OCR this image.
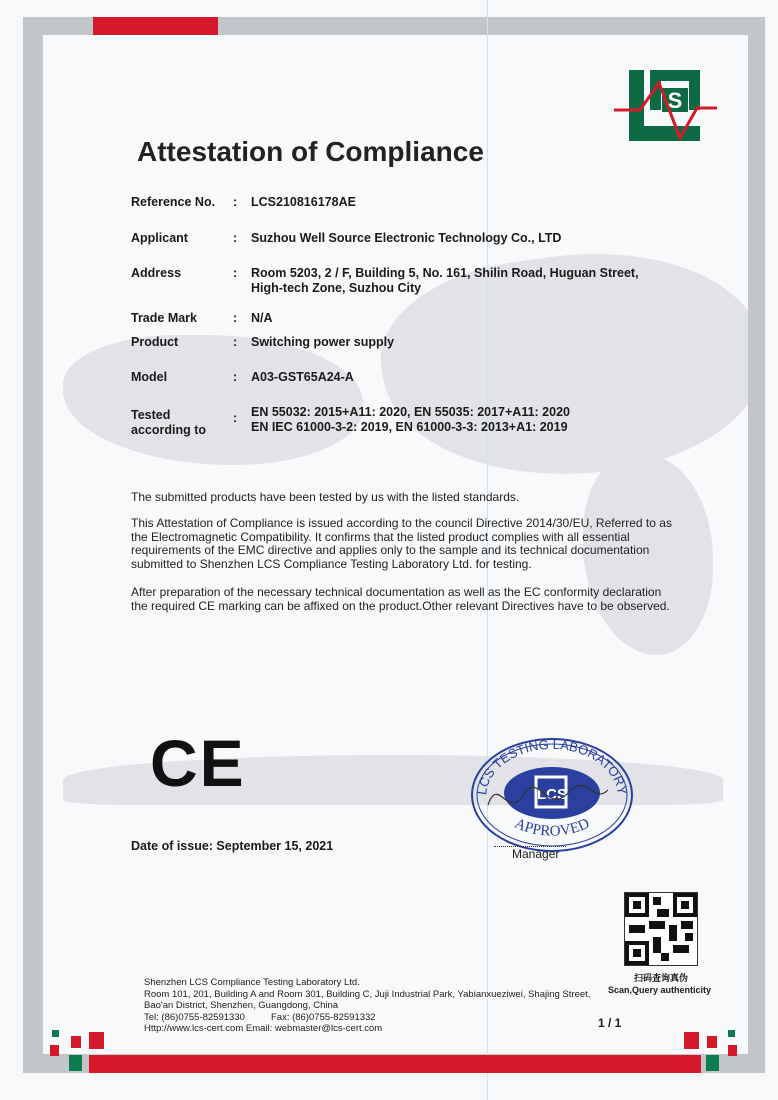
S
Attestation of Compliance
Reference No.	:	LCS210816178AE
Applicant	:	Suzhou Well Source Electronic Technology Co., LTD
Address	:	Room 5203, 2 / F, Building 5, No. 161, Shilin Road, Huguan Street,
High-tech Zone, Suzhou City
Trade Mark	:	N/A
Product	:	Switching power supply
Model	:	A03-GST65A24-A
Tested
according to
:	EN 55032: 2015+A11: 2020, EN 55035: 2017+A11: 2020
EN IEC 61000-3-2: 2019, EN 61000-3-3: 2013+A1: 2019

The submitted products have been tested by us with the listed standards.

This Attestation of Compliance is issued according to the council Directive 2014/30/EU, Referred to as the Electromagnetic Compatibility. It confirms that the listed product complies with all essential requirements of the EMC directive and applies only to the sample and its technical documentation submitted to Shenzhen LCS Compliance Testing Laboratory Ltd. for testing.

After preparation of the necessary technical documentation as well as the EC conformity declaration the required CE marking can be affixed on the product.Other relevant Directives have to be observed.

CE
Date of issue: September 15, 2021
LCS
LCS TESTING LABORATORY
APPROVED
Manager
扫码查询真伪
Scan,Query authenticity
Shenzhen LCS Compliance Testing Laboratory Ltd.
Room 101, 201, Building A and Room 301, Building C, Juji Industrial Park, Yabianxueziwei, Shajing Street,
Bao'an District, Shenzhen, Guangdong, China
Tel: (86)0755-82591330	Fax: (86)0755-82591332
Http://www.lcs-cert.com Email: webmaster@lcs-cert.com	1 / 1
